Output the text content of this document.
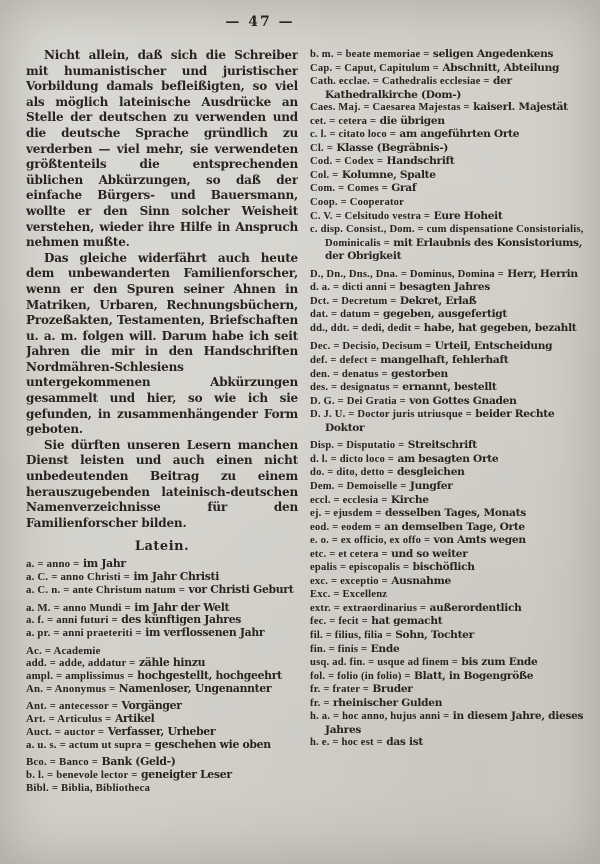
— 47 —

Nicht allein, daß sich die Schreiber mit humanistischer und juristischer Vorbildung damals befleißigten, so viel als möglich lateinische Ausdrücke an Stelle der deutschen zu verwenden und die deutsche Sprache gründlich zu verderben — viel mehr, sie verwendeten größtenteils die entsprechenden üblichen Abkürzungen, so daß der einfache Bürgers- und Bauersmann, wollte er den Sinn solcher Weisheit verstehen, wieder ihre Hilfe in Anspruch nehmen mußte.

Das gleiche widerfährt auch heute dem unbewanderten Familienforscher, wenn er den Spuren seiner Ahnen in Matriken, Urbaren, Rechnungsbüchern, Prozeßakten, Testamenten, Briefschaften u. a. m. folgen will. Darum habe ich seit Jahren die mir in den Handschriften Nordmähren-Schlesiens untergekommenen Abkürzungen gesammelt und hier, so wie ich sie gefunden, in zusammenhängender Form geboten.

Sie dürften unseren Lesern manchen Dienst leisten und auch einen nicht unbedeutenden Beitrag zu einem herauszugebenden lateinisch-deutschen Namenverzeichnisse für den Familienforscher bilden.

Latein.
a. = anno = im Jahr
a. C. = anno Christi = im Jahr Christi
a. C. n. = ante Christum natum = vor Christi Geburt
a. M. = anno Mundi = im Jahr der Welt
a. f. = anni futuri = des künftigen Jahres
a. pr. = anni praeteriti = im verflossenen Jahr
Ac. = Academie
add. = adde, addatur = zähle hinzu
ampl. = amplissimus = hochgestellt, hochgeehrt
An. = Anonymus = Namenloser, Ungenannter
Ant. = antecessor = Vorgänger
Art. = Articulus = Artikel
Auct. = auctor = Verfasser, Urheber
a. u. s. = actum ut supra = geschehen wie oben
Bco. = Banco = Bank (Geld-)
b. l. = benevole lector = geneigter Leser
Bibl. = Biblia, Bibliotheca
b. m. = beate memoriae = seligen Angedenkens
Cap. = Caput, Capitulum = Abschnitt, Abteilung
Cath. ecclae. = Cathedralis ecclesiae = der Kathedralkirche (Dom-)
Caes. Maj. = Caesarea Majestas = kaiserl. Majestät
cet. = cetera = die übrigen
c. l. = citato loco = am angeführten Orte
Cl. = Klasse (Begräbnis-)
Cod. = Codex = Handschrift
Col. = Kolumne, Spalte
Com. = Comes = Graf
Coop. = Cooperator
C. V. = Celsitudo vestra = Eure Hoheit
c. disp. Consist., Dom. = cum dispensatione Consistorialis, Dominicalis = mit Erlaubnis des Konsistoriums, der Obrigkeit
D., Dn., Dns., Dna. = Dominus, Domina = Herr, Herrin
d. a. = dicti anni = besagten Jahres
Dct. = Decretum = Dekret, Erlaß
dat. = datum = gegeben, ausgefertigt
dd., ddt. = dedi, dedit = habe, hat gegeben, bezahlt
Dec. = Decisio, Decisum = Urteil, Entscheidung
def. = defect = mangelhaft, fehlerhaft
den. = denatus = gestorben
des. = designatus = ernannt, bestellt
D. G. = Dei Gratia = von Gottes Gnaden
D. J. U. = Doctor juris utriusque = beider Rechte Doktor
Disp. = Disputatio = Streitschrift
d. l. = dicto loco = am besagten Orte
do. = dito, detto = desgleichen
Dem. = Demoiselle = Jungfer
eccl. = ecclesia = Kirche
ej. = ejusdem = desselben Tages, Monats
eod. = eodem = an demselben Tage, Orte
e. o. = ex officio, ex offo = von Amts wegen
etc. = et cetera = und so weiter
epalis = episcopalis = bischöflich
exc. = exceptio = Ausnahme
Exc. = Excellenz
extr. = extraordinarius = außerordentlich
fec. = fecit = hat gemacht
fil. = filius, filia = Sohn, Tochter
fin. = finis = Ende
usq. ad. fin. = usque ad finem = bis zum Ende
fol. = folio (in folio) = Blatt, in Bogengröße
fr. = frater = Bruder
fr. = rheinischer Gulden
h. a. = hoc anno, hujus anni = in diesem Jahre, dieses Jahres
h. e. = hoc est = das ist
